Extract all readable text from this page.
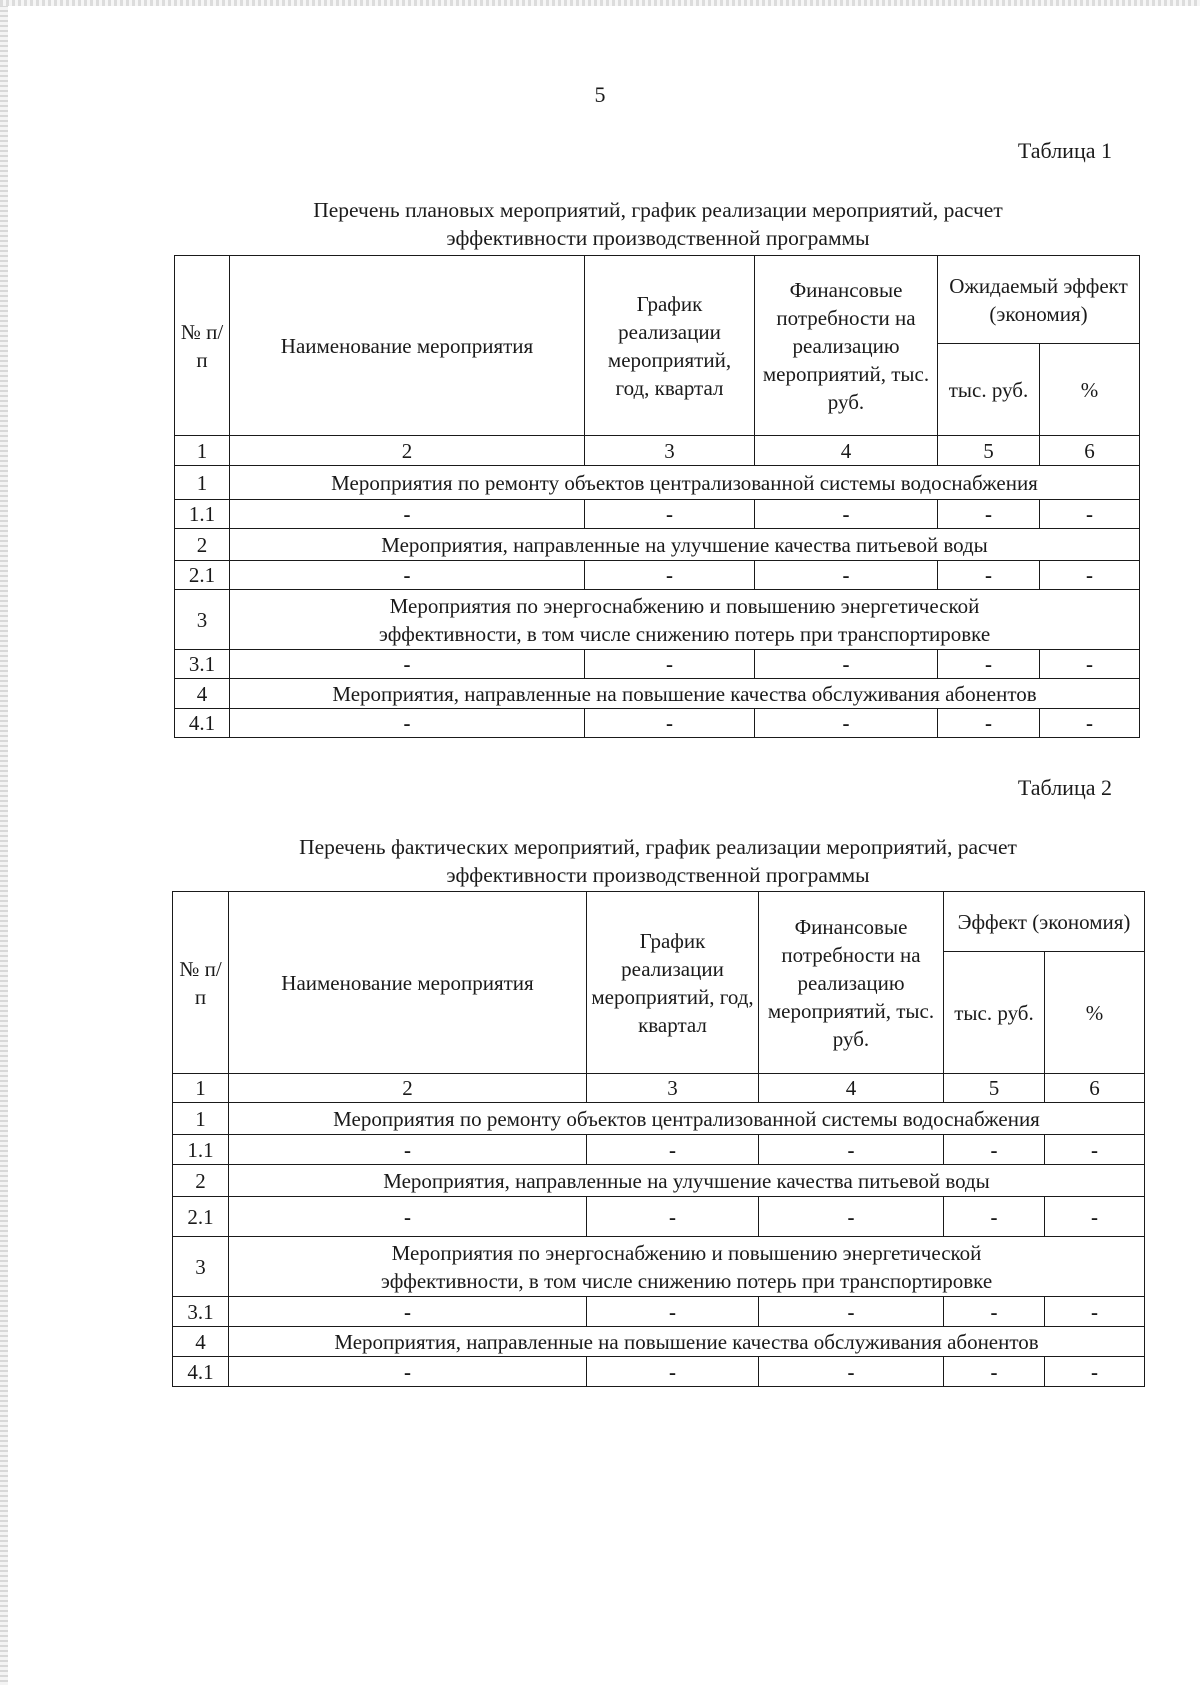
5
Таблица 1
Перечень плановых мероприятий, график реализации мероприятий, расчет
эффективности производственной программы
№ п/ п	Наименование мероприятия	График реализации мероприятий, год, квартал	Финансовые потребности на реализацию мероприятий, тыс. руб.	Ожидаемый эффект (экономия)	
				тыс. руб.	%
1	2	3	4	5	6
1	Мероприятия по ремонту объектов централизованной системы водоснабжения				
1.1	-	-	-	-	-
2	Мероприятия, направленные на улучшение качества питьевой воды				
2.1	-	-	-	-	-
3	Мероприятия по энергоснабжению и повышению энергетической
эффективности, в том числе снижению потерь при транспортировке				

3.1	-	-	-	-	-
4	Мероприятия, направленные на повышение качества обслуживания абонентов				
4.1	-	-	-	-	-
Таблица 2
Перечень фактических мероприятий, график реализации мероприятий, расчет
эффективности производственной программы
№ п/ п	Наименование мероприятия	График реализации мероприятий, год, квартал	Финансовые потребности на реализацию мероприятий, тыс. руб.	Эффект (экономия)	
				тыс. руб.	%
1	2	3	4	5	6
1	Мероприятия по ремонту объектов централизованной системы водоснабжения				
1.1	-	-	-	-	-
2	Мероприятия, направленные на улучшение качества питьевой воды				
2.1	-	-	-	-	-
3	Мероприятия по энергоснабжению и повышению энергетической
эффективности, в том числе снижению потерь при транспортировке				

3.1	-	-	-	-	-
4	Мероприятия, направленные на повышение качества обслуживания абонентов				
4.1	-	-	-	-	-
